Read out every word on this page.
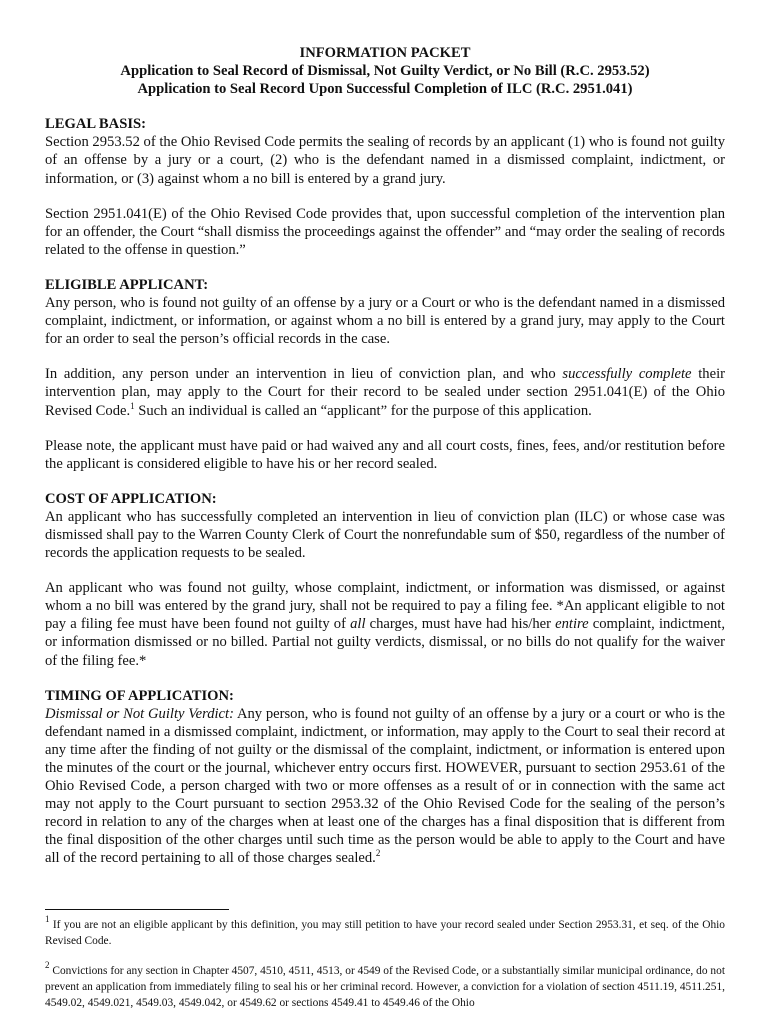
INFORMATION PACKET
Application to Seal Record of Dismissal, Not Guilty Verdict, or No Bill (R.C. 2953.52)
Application to Seal Record Upon Successful Completion of ILC (R.C. 2951.041)
LEGAL BASIS:

Section 2953.52 of the Ohio Revised Code permits the sealing of records by an applicant (1) who is found not guilty of an offense by a jury or a court, (2) who is the defendant named in a dismissed complaint, indictment, or information, or (3) against whom a no bill is entered by a grand jury.

Section 2951.041(E) of the Ohio Revised Code provides that, upon successful completion of the intervention plan for an offender, the Court “shall dismiss the proceedings against the offender” and “may order the sealing of records related to the offense in question.”

ELIGIBLE APPLICANT:

Any person, who is found not guilty of an offense by a jury or a Court or who is the defendant named in a dismissed complaint, indictment, or information, or against whom a no bill is entered by a grand jury, may apply to the Court for an order to seal the person’s official records in the case.

In addition, any person under an intervention in lieu of conviction plan, and who successfully complete their intervention plan, may apply to the Court for their record to be sealed under section 2951.041(E) of the Ohio Revised Code.$^1$ Such an individual is called an “applicant” for the purpose of this application.

Please note, the applicant must have paid or had waived any and all court costs, fines, fees, and/or restitution before the applicant is considered eligible to have his or her record sealed.

COST OF APPLICATION:

An applicant who has successfully completed an intervention in lieu of conviction plan (ILC) or whose case was dismissed shall pay to the Warren County Clerk of Court the nonrefundable sum of $50, regardless of the number of records the application requests to be sealed.

An applicant who was found not guilty, whose complaint, indictment, or information was dismissed, or against whom a no bill was entered by the grand jury, shall not be required to pay a filing fee. *An applicant eligible to not pay a filing fee must have been found not guilty of all charges, must have had his/her entire complaint, indictment, or information dismissed or no billed. Partial not guilty verdicts, dismissal, or no bills do not qualify for the waiver of the filing fee.*

TIMING OF APPLICATION:

Dismissal or Not Guilty Verdict: Any person, who is found not guilty of an offense by a jury or a court or who is the defendant named in a dismissed complaint, indictment, or information, may apply to the Court to seal their record at any time after the finding of not guilty or the dismissal of the complaint, indictment, or information is entered upon the minutes of the court or the journal, whichever entry occurs first. HOWEVER, pursuant to section 2953.61 of the Ohio Revised Code, a person charged with two or more offenses as a result of or in connection with the same act may not apply to the Court pursuant to section 2953.32 of the Ohio Revised Code for the sealing of the person’s record in relation to any of the charges when at least one of the charges has a final disposition that is different from the final disposition of the other charges until such time as the person would be able to apply to the Court and have all of the record pertaining to all of those charges sealed.$^2$

$^1$ If you are not an eligible applicant by this definition, you may still petition to have your record sealed under Section 2953.31, et seq. of the Ohio Revised Code.

$^2$ Convictions for any section in Chapter 4507, 4510, 4511, 4513, or 4549 of the Revised Code, or a substantially similar municipal ordinance, do not prevent an application from immediately filing to seal his or her criminal record. However, a conviction for a violation of section 4511.19, 4511.251, 4549.02, 4549.021, 4549.03, 4549.042, or 4549.62 or sections 4549.41 to 4549.46 of the Ohio
